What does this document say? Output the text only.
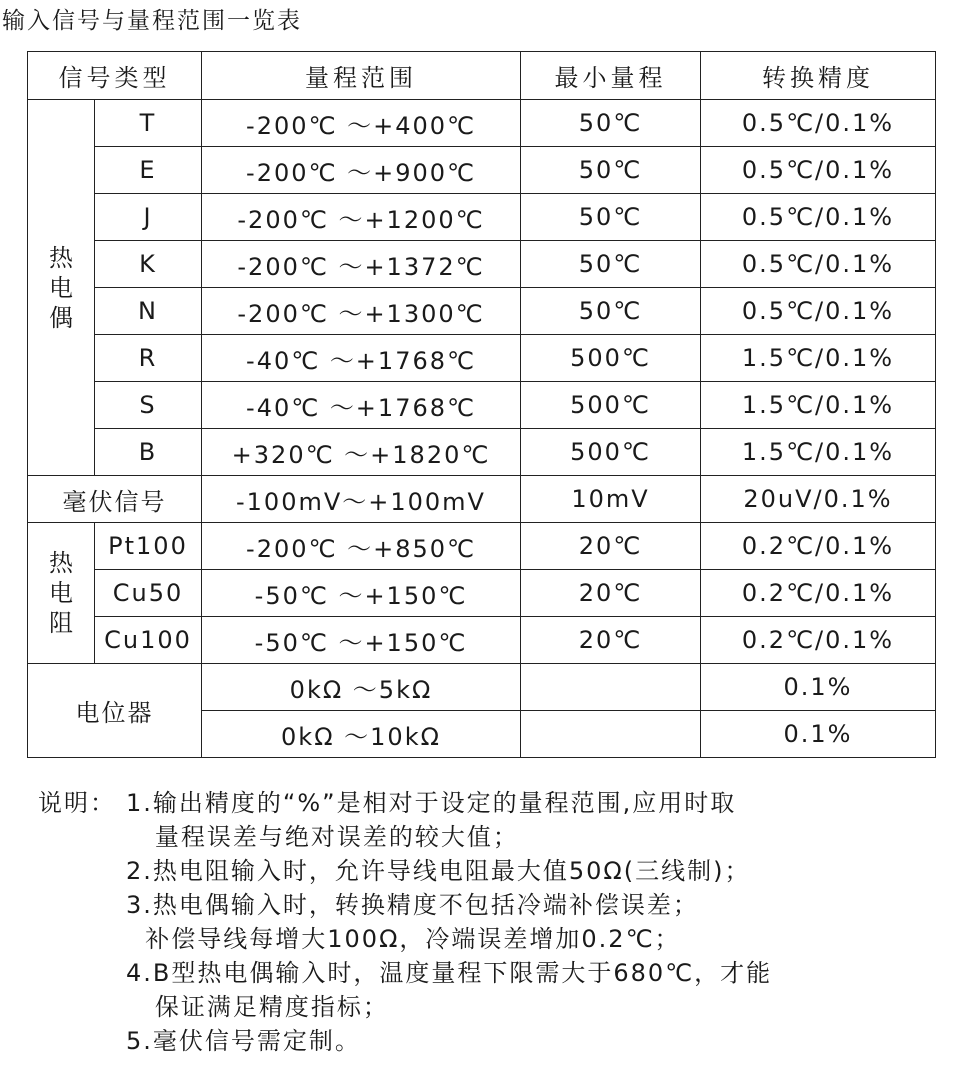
输入信号与量程范围一览表
信号类型		量程范围	最小量程	转换精度

热电偶	T	-200℃ ～+400℃	50℃	0.5℃/0.1%
	E	-200℃ ～+900℃	50℃	0.5℃/0.1%
	J	-200℃ ～+1200℃	50℃	0.5℃/0.1%
	K	-200℃ ～+1372℃	50℃	0.5℃/0.1%
	N	-200℃ ～+1300℃	50℃	0.5℃/0.1%
	R	-40℃ ～+1768℃	500℃	1.5℃/0.1%
	S	-40℃ ～+1768℃	500℃	1.5℃/0.1%
	B	+320℃ ～+1820℃	500℃	1.5℃/0.1%
毫伏信号		-100mV～+100mV	10mV	20uV/0.1%

热电阻	Pt100	-200℃ ～+850℃	20℃	0.2℃/0.1%
	Cu50	-50℃ ～+150℃	20℃	0.2℃/0.1%
	Cu100	-50℃ ～+150℃	20℃	0.2℃/0.1%
电位器		0kΩ ～5kΩ		0.1%
		0kΩ ～10kΩ		0.1%
说明： 1.输出精度的“%”是相对于设定的量程范围,应用时取
量程误差与绝对误差的较大值；
2.热电阻输入时，允许导线电阻最大值50Ω(三线制)；
3.热电偶输入时，转换精度不包括冷端补偿误差；
补偿导线每增大100Ω，冷端误差增加0.2℃；
4.B型热电偶输入时，温度量程下限需大于680℃，才能
保证满足精度指标；
5.毫伏信号需定制。
